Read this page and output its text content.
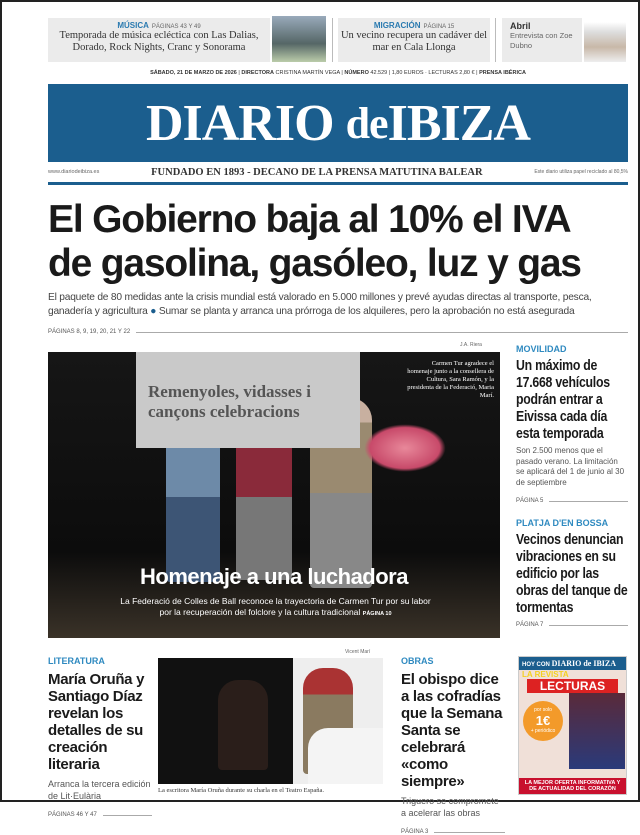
MÚSICA PÁGINAS 43 Y 49
Temporada de música ecléctica con Las Dalias, Dorado, Rock Nights, Cranc y Sonorama
MIGRACIÓN PÁGINA 15
Un vecino recupera un cadáver del mar en Cala Llonga
Abril
Entrevista con Zoe Dubno
SÁBADO, 21 DE MARZO DE 2026 | DIRECTORA CRISTINA MARTÍN VEGA | NÚMERO 42.529 | 1,80 EUROS · LECTURAS 2,80 € | PRENSA IBÉRICA
DIARIO
de IBIZA
www.diariodeibiza.es	FUNDADO EN 1893 - DECANO DE LA PRENSA MATUTINA BALEAR	Este diario utiliza papel reciclado al 80,5%
El Gobierno baja al 10% el IVA
de gasolina, gasóleo, luz y gas
El paquete de 80 medidas ante la crisis mundial está valorado en 5.000 millones y prevé ayudas directas al transporte, pesca, ganadería y agricultura ● Sumar se planta y arranca una prórroga de los alquileres, pero la aprobación no está asegurada
PÁGINAS 8, 9, 19, 20, 21 Y 22
J.A. Riera
Remenyoles, vidasses i cançons celebracions
Carmen Tur agradece el homenaje junto a la consellera de Cultura, Sara Ramón, y la presidenta de la Federació, Maria Marí.
Homenaje a una luchadora
La Federació de Colles de Ball reconoce la trayectoria de Carmen Tur por su labor por la recuperación del folclore y la cultura tradicional PÁGINA 10
MOVILIDAD
Un máximo de 17.668 vehículos podrán entrar a Eivissa cada día esta temporada
Son 2.500 menos que el pasado verano. La limitación se aplicará del 1 de junio al 30 de septiembre
PÁGINA 5
PLATJA D'EN BOSSA
Vecinos denuncian vibraciones en su edificio por las obras del tanque de tormentas
PÁGINA 7
LITERATURA
María Oruña y Santiago Díaz revelan los detalles de su creación literaria
Arranca la tercera edición de Lit·Eulària
PÁGINAS 46 Y 47
Vicent Marí
La escritora María Oruña durante su charla en el Teatro España.
OBRAS
El obispo dice a las cofradías que la Semana Santa se celebrará «como siempre»
Triguero se compromete a acelerar las obras
PÁGINA 3
HOY CON DIARIO de IBIZA
LA REVISTA
LECTURAS
por solo
1€
+ periódico
LA MEJOR OFERTA INFORMATIVA Y DE ACTUALIDAD DEL CORAZÓN
